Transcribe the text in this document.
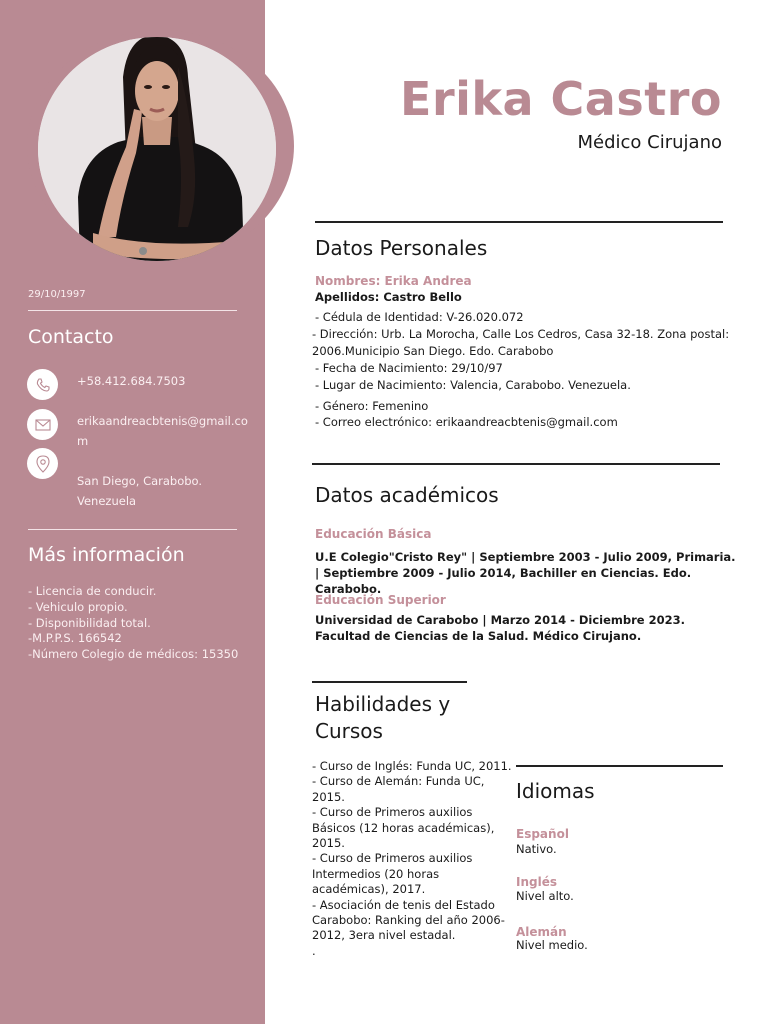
29/10/1997
Contacto
+58.412.684.7503
erikaandreacbtenis@gmail.com
San Diego, Carabobo. Venezuela
Más información
- Licencia de conducir.
- Vehiculo propio.
- Disponibilidad total.
-M.P.P.S. 166542
-Número Colegio de médicos: 15350
Erika Castro
Médico Cirujano
Datos Personales
Nombres: Erika Andrea
Apellidos: Castro Bello
- Cédula de Identidad: V-26.020.072
- Dirección: Urb. La Morocha, Calle Los Cedros, Casa 32-18. Zona postal: 2006.Municipio San Diego. Edo. Carabobo
- Fecha de Nacimiento: 29/10/97
- Lugar de Nacimiento: Valencia, Carabobo. Venezuela.
- Género: Femenino
- Correo electrónico: erikaandreacbtenis@gmail.com
Datos académicos
Educación Básica
U.E Colegio"Cristo Rey" | Septiembre 2003 - Julio 2009, Primaria. | Septiembre 2009 - Julio 2014, Bachiller en Ciencias. Edo. Carabobo.
Educación Superior
Universidad de Carabobo | Marzo 2014 - Diciembre 2023. Facultad de Ciencias de la Salud. Médico Cirujano.
Habilidades y Cursos
- Curso de Inglés: Funda UC, 2011.
- Curso de Alemán: Funda UC, 2015.
- Curso de Primeros auxilios Básicos (12 horas académicas), 2015.
- Curso de Primeros auxilios Intermedios (20 horas académicas), 2017.
- Asociación de tenis del Estado Carabobo: Ranking del año 2006-2012, 3era nivel estadal.
.
Idiomas
Español
Nativo.
Inglés
Nivel alto.
Alemán
Nivel medio.
